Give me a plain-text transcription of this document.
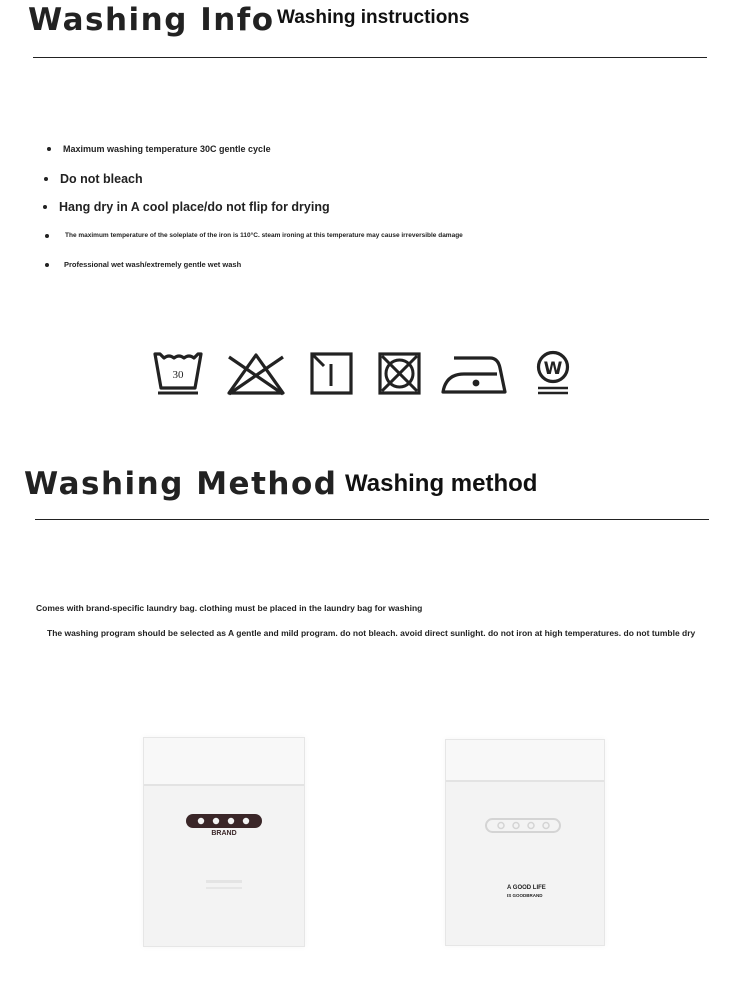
Washing Info Washing instructions
Maximum washing temperature 30C gentle cycle
Do not bleach
Hang dry in A cool place/do not flip for drying
The maximum temperature of the soleplate of the iron is 110°C. steam ironing at this temperature may cause irreversible damage
Professional wet wash/extremely gentle wet wash
30	W
Washing Method Washing method
Comes with brand-specific laundry bag. clothing must be placed in the laundry bag for washing
The washing program should be selected as A gentle and mild program. do not bleach. avoid direct sunlight. do not iron at high temperatures. do not tumble dry
BRAND
A GOOD LIFE
IS GOODBRAND
